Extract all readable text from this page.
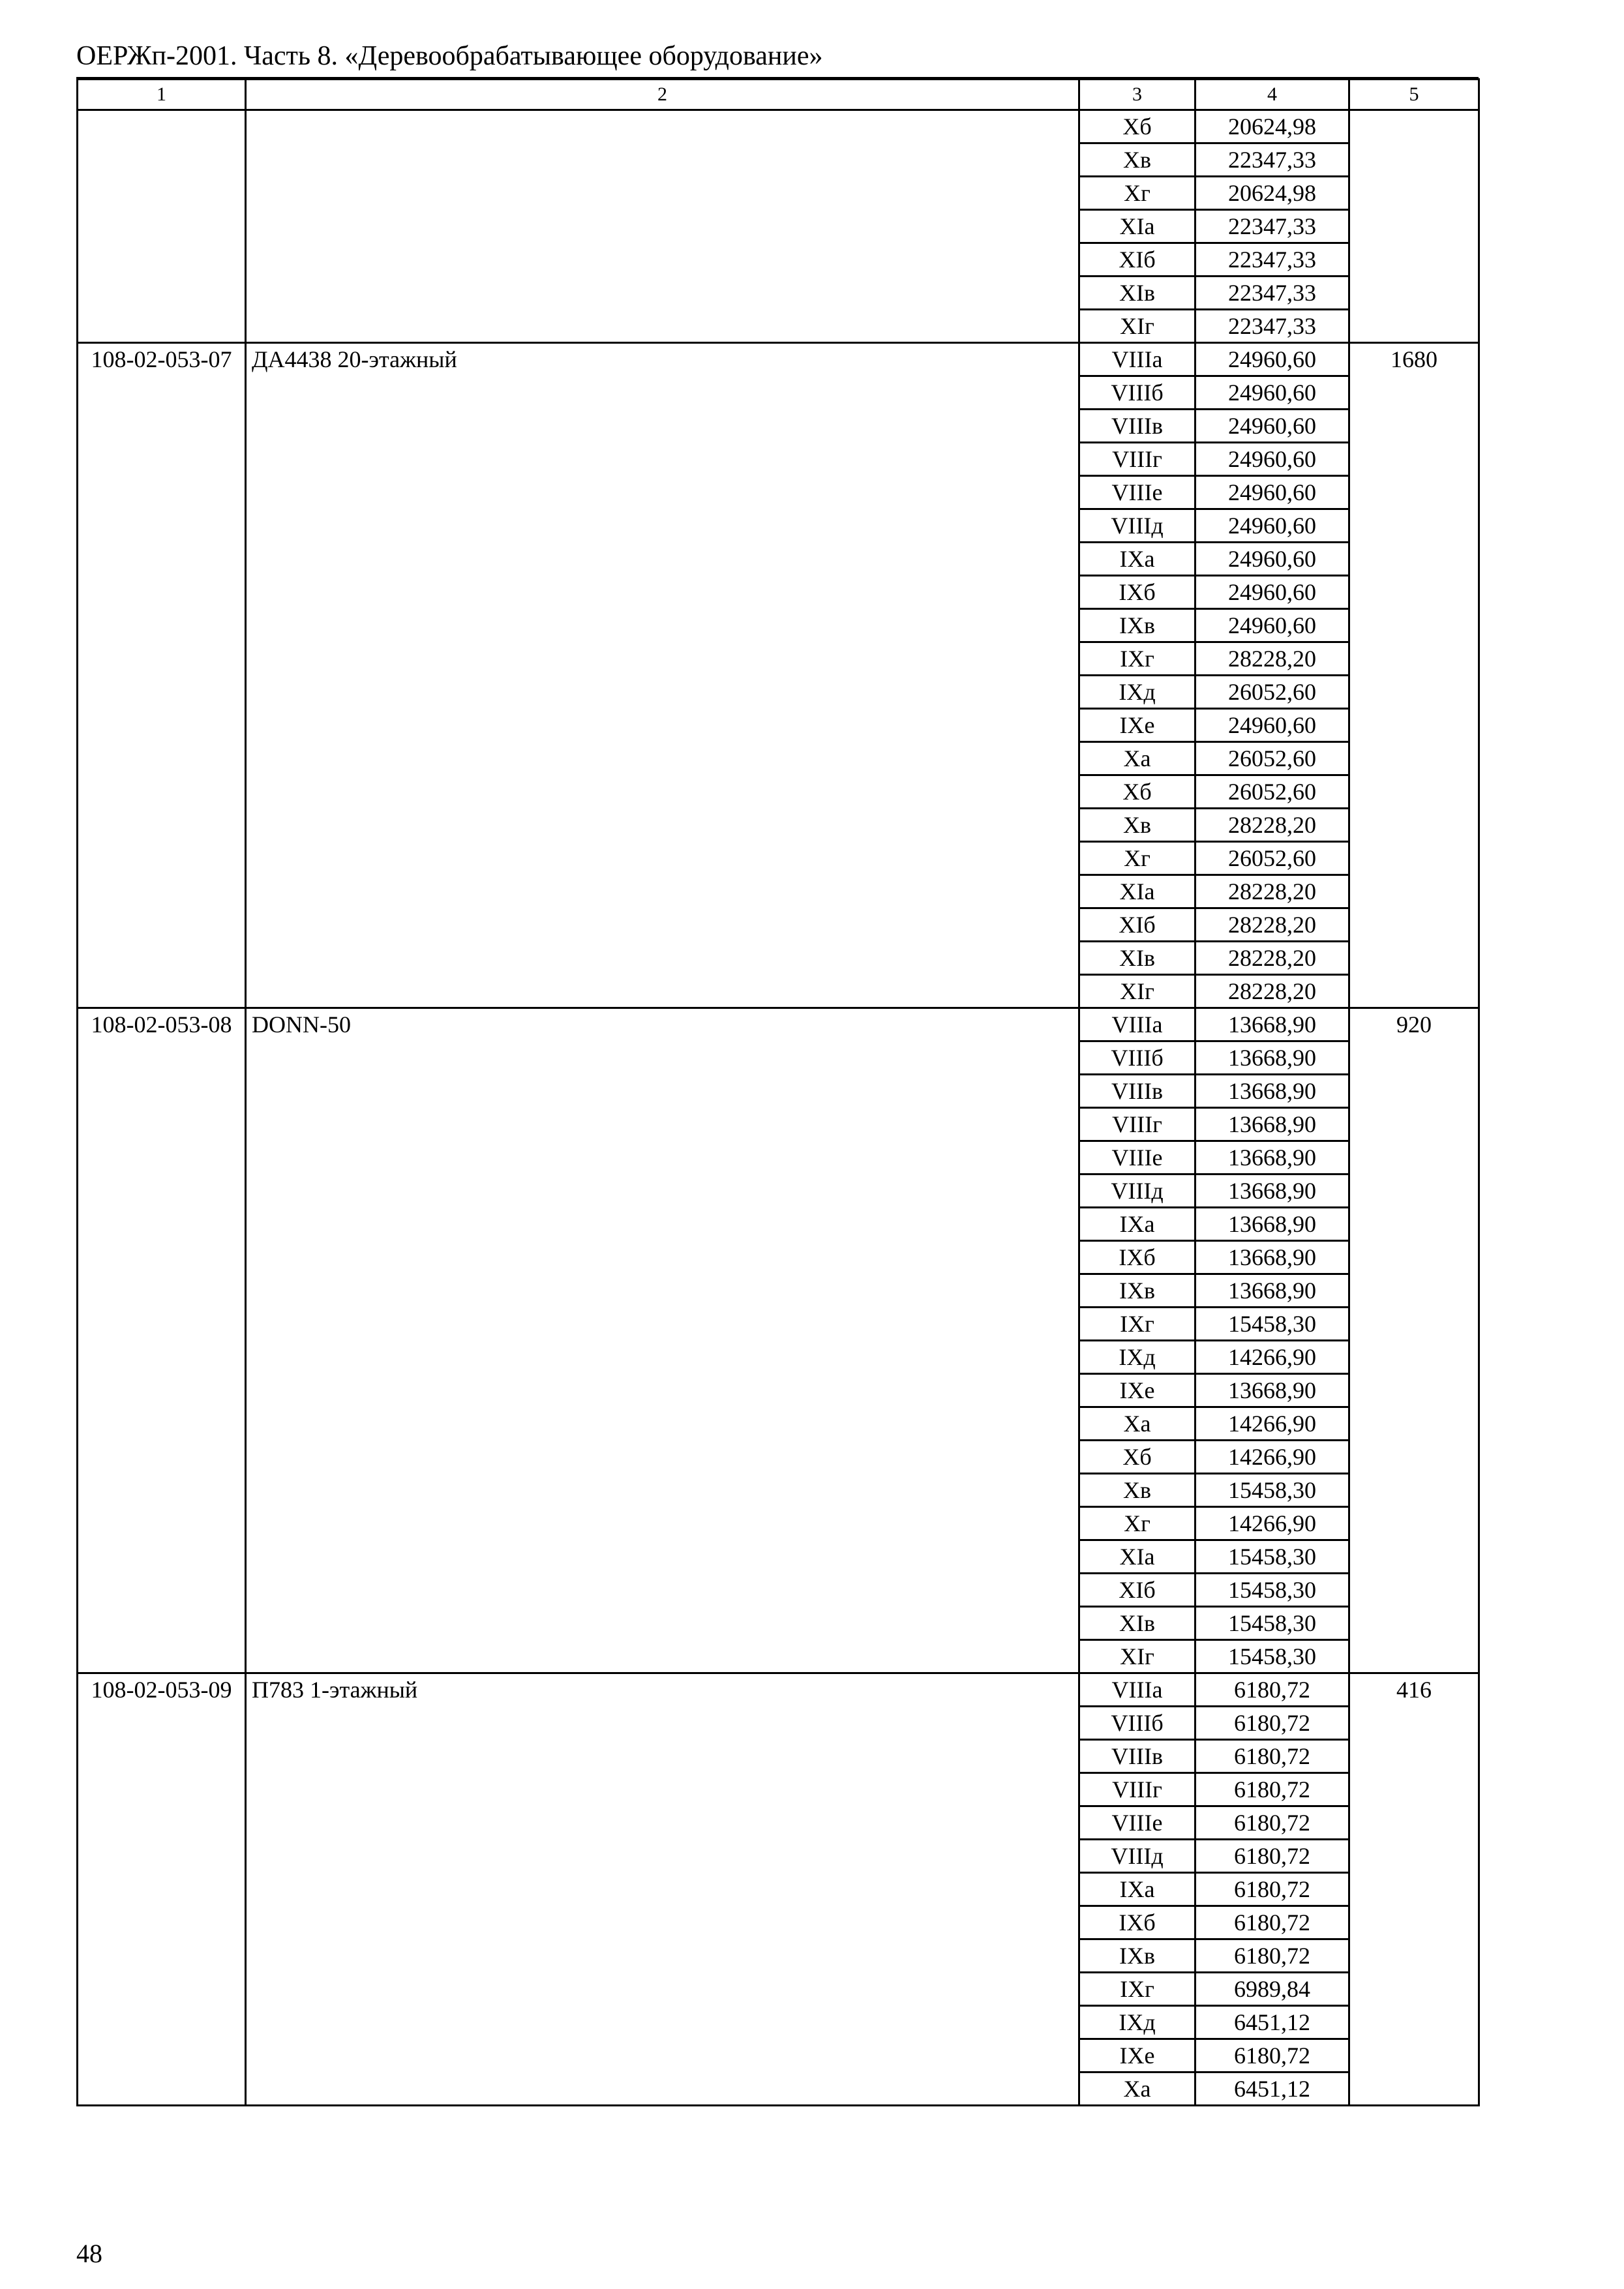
ОЕРЖп-2001. Часть 8. «Деревообрабатывающее оборудование»
1	2	3	4	5
		Xб	20624,98	
		Xв	22347,33	
		Xг	20624,98	
		XIа	22347,33	
		XIб	22347,33	
		XIв	22347,33	
		XIг	22347,33	
108-02-053-07	ДА4438 20-этажный	VIIIа	24960,60	1680
		VIIIб	24960,60	
		VIIIв	24960,60	
		VIIIг	24960,60	
		VIIIе	24960,60	
		VIIIд	24960,60	
		IXа	24960,60	
		IXб	24960,60	
		IXв	24960,60	
		IXг	28228,20	
		IXд	26052,60	
		IXе	24960,60	
		Xа	26052,60	
		Xб	26052,60	
		Xв	28228,20	
		Xг	26052,60	
		XIа	28228,20	
		XIб	28228,20	
		XIв	28228,20	
		XIг	28228,20	
108-02-053-08	DONN-50	VIIIа	13668,90	920
		VIIIб	13668,90	
		VIIIв	13668,90	
		VIIIг	13668,90	
		VIIIе	13668,90	
		VIIIд	13668,90	
		IXа	13668,90	
		IXб	13668,90	
		IXв	13668,90	
		IXг	15458,30	
		IXд	14266,90	
		IXе	13668,90	
		Xа	14266,90	
		Xб	14266,90	
		Xв	15458,30	
		Xг	14266,90	
		XIа	15458,30	
		XIб	15458,30	
		XIв	15458,30	
		XIг	15458,30	
108-02-053-09	П783 1-этажный	VIIIа	6180,72	416
		VIIIб	6180,72	
		VIIIв	6180,72	
		VIIIг	6180,72	
		VIIIе	6180,72	
		VIIIд	6180,72	
		IXа	6180,72	
		IXб	6180,72	
		IXв	6180,72	
		IXг	6989,84	
		IXд	6451,12	
		IXе	6180,72	
		Xа	6451,12	
48
